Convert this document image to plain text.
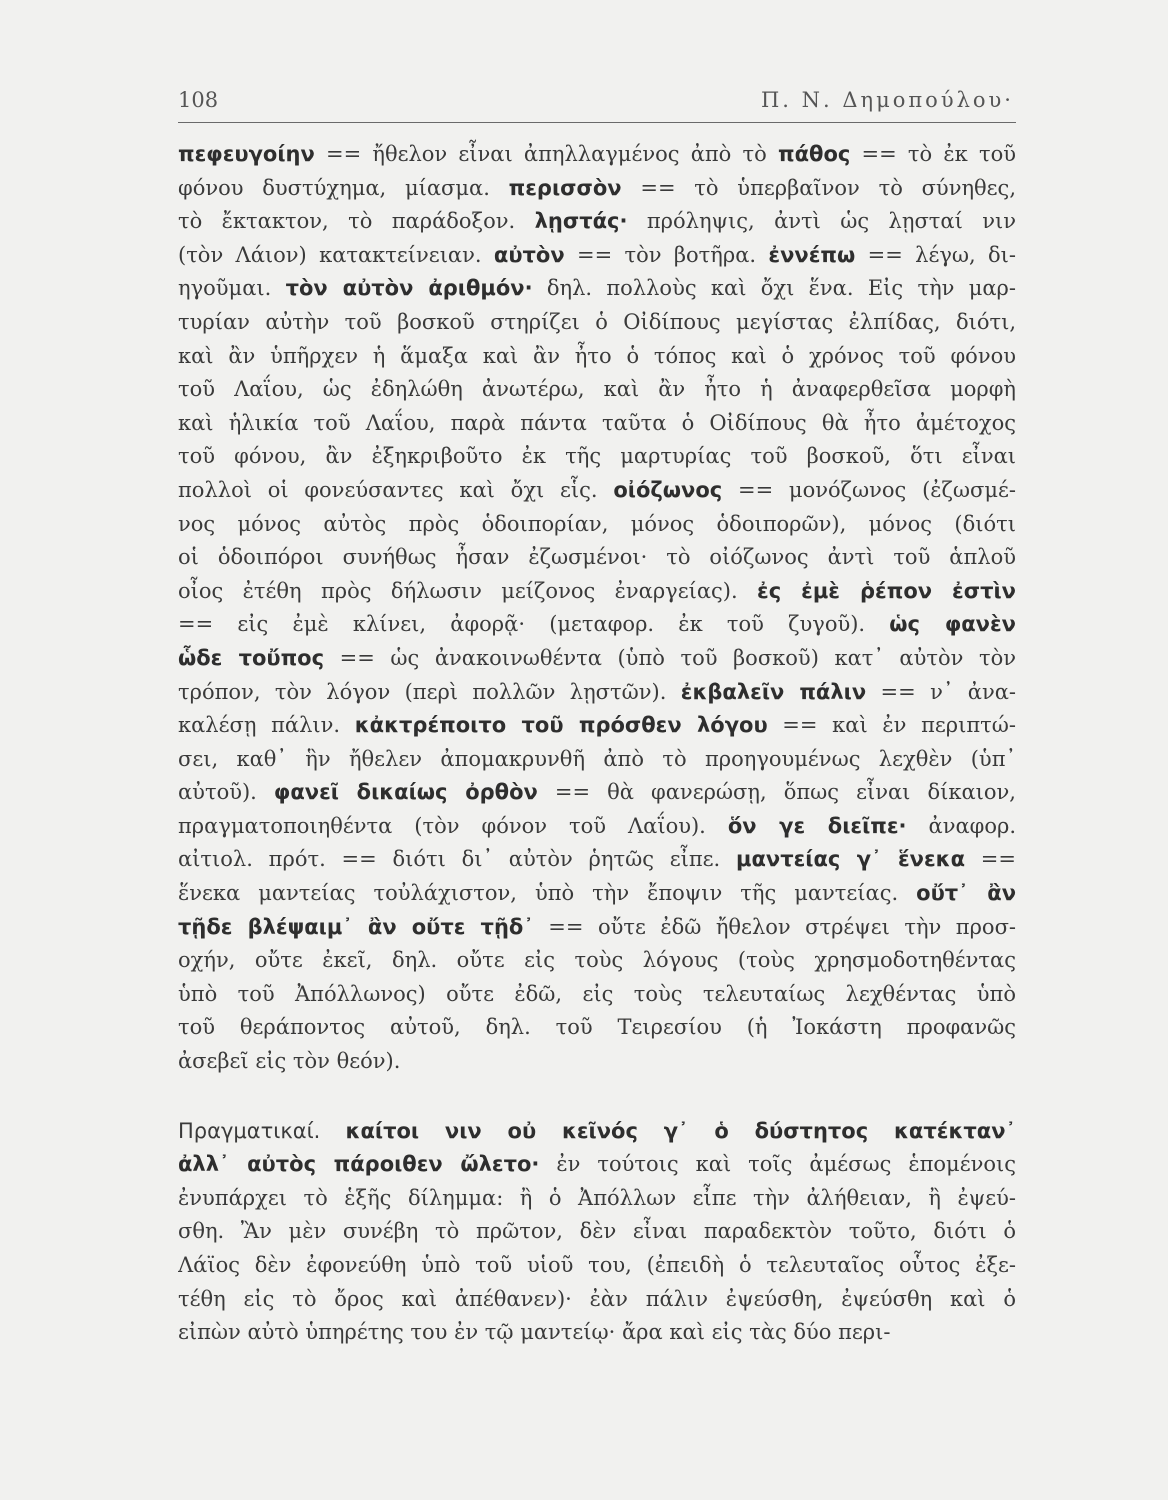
108	Π. Ν. Δημοπούλου·
πεφευγοίην == ἤθελον εἶναι ἀπηλλαγμένος ἀπὸ τὸ πάθος == τὸ ἐκ τοῦ
φόνου δυστύχημα, μίασμα. περισσὸν == τὸ ὑπερβαῖνον τὸ σύνηθες,
τὸ ἔκτακτον, τὸ παράδοξον. λῃστάς· πρόληψις, ἀντὶ ὡς λῃσταί νιν
(τὸν Λάιον) κατακτείνειαν. αὐτὸν == τὸν βοτῆρα. ἐννέπω == λέγω, δι-
ηγοῦμαι. τὸν αὐτὸν ἀριθμόν· δηλ. πολλοὺς καὶ ὄχι ἕνα. Εἰς τὴν μαρ-
τυρίαν αὐτὴν τοῦ βοσκοῦ στηρίζει ὁ Οἰδίπους μεγίστας ἐλπίδας, διότι,
καὶ ἂν ὑπῆρχεν ἡ ἅμαξα καὶ ἂν ἦτο ὁ τόπος καὶ ὁ χρόνος τοῦ φόνου
τοῦ Λαΐου, ὡς ἐδηλώθη ἀνωτέρω, καὶ ἂν ἦτο ἡ ἀναφερθεῖσα μορφὴ
καὶ ἡλικία τοῦ Λαΐου, παρὰ πάντα ταῦτα ὁ Οἰδίπους θὰ ἦτο ἀμέτοχος
τοῦ φόνου, ἂν ἐξηκριβοῦτο ἐκ τῆς μαρτυρίας τοῦ βοσκοῦ, ὅτι εἶναι
πολλοὶ οἱ φονεύσαντες καὶ ὄχι εἷς. οἰόζωνος == μονόζωνος (ἐζωσμέ-
νος μόνος αὐτὸς πρὸς ὁδοιπορίαν, μόνος ὁδοιπορῶν), μόνος (διότι
οἱ ὁδοιπόροι συνήθως ἦσαν ἐζωσμένοι· τὸ οἰόζωνος ἀντὶ τοῦ ἁπλοῦ
οἶος ἐτέθη πρὸς δήλωσιν μείζονος ἐναργείας). ἐς ἐμὲ ῥέπον ἐστὶν
== εἰς ἐμὲ κλίνει, ἀφορᾷ· (μεταφορ. ἐκ τοῦ ζυγοῦ). ὡς φανὲν
ὧδε τοὔπος == ὡς ἀνακοινωθέντα (ὑπὸ τοῦ βοσκοῦ) κατ᾽ αὐτὸν τὸν
τρόπον, τὸν λόγον (περὶ πολλῶν λῃστῶν). ἐκβαλεῖν πάλιν == ν᾽ ἀνα-
καλέσῃ πάλιν. κἀκτρέποιτο τοῦ πρόσθεν λόγου == καὶ ἐν περιπτώ-
σει, καθ᾽ ἣν ἤθελεν ἀπομακρυνθῆ ἀπὸ τὸ προηγουμένως λεχθὲν (ὑπ᾽
αὐτοῦ). φανεῖ δικαίως ὀρθὸν == θὰ φανερώσῃ, ὅπως εἶναι δίκαιον,
πραγματοποιηθέντα (τὸν φόνον τοῦ Λαΐου). ὅν γε διεῖπε· ἀναφορ.
αἰτιολ. πρότ. == διότι δι᾽ αὐτὸν ῥητῶς εἶπε. μαντείας γ᾽ ἕνεκα ==
ἕνεκα μαντείας τοὐλάχιστον, ὑπὸ τὴν ἔποψιν τῆς μαντείας. οὔτ᾽ ἂν
τῇδε βλέψαιμ᾽ ἂν οὔτε τῇδ᾽ == οὔτε ἐδῶ ἤθελον στρέψει τὴν προσ-
οχήν, οὔτε ἐκεῖ, δηλ. οὔτε εἰς τοὺς λόγους (τοὺς χρησμοδοτηθέντας
ὑπὸ τοῦ Ἀπόλλωνος) οὔτε ἐδῶ, εἰς τοὺς τελευταίως λεχθέντας ὑπὸ
τοῦ θεράποντος αὐτοῦ, δηλ. τοῦ Τειρεσίου (ἡ Ἰοκάστη προφανῶς
ἀσεβεῖ εἰς τὸν θεόν).
Πραγματικαί. καίτοι νιν οὐ κεῖνός γ᾽ ὁ δύστητος κατέκταν᾽
ἀλλ᾽ αὐτὸς πάροιθεν ὤλετο· ἐν τούτοις καὶ τοῖς ἀμέσως ἑπομένοις
ἐνυπάρχει τὸ ἑξῆς δίλημμα: ἢ ὁ Ἀπόλλων εἶπε τὴν ἀλήθειαν, ἢ ἐψεύ-
σθη. Ἂν μὲν συνέβη τὸ πρῶτον, δὲν εἶναι παραδεκτὸν τοῦτο, διότι ὁ
Λάϊος δὲν ἐφονεύθη ὑπὸ τοῦ υἱοῦ του, (ἐπειδὴ ὁ τελευταῖος οὗτος ἐξε-
τέθη εἰς τὸ ὄρος καὶ ἀπέθανεν)· ἐὰν πάλιν ἐψεύσθη, ἐψεύσθη καὶ ὁ
εἰπὼν αὐτὸ ὑπηρέτης του ἐν τῷ μαντείῳ· ἄρα καὶ εἰς τὰς δύο περι-
